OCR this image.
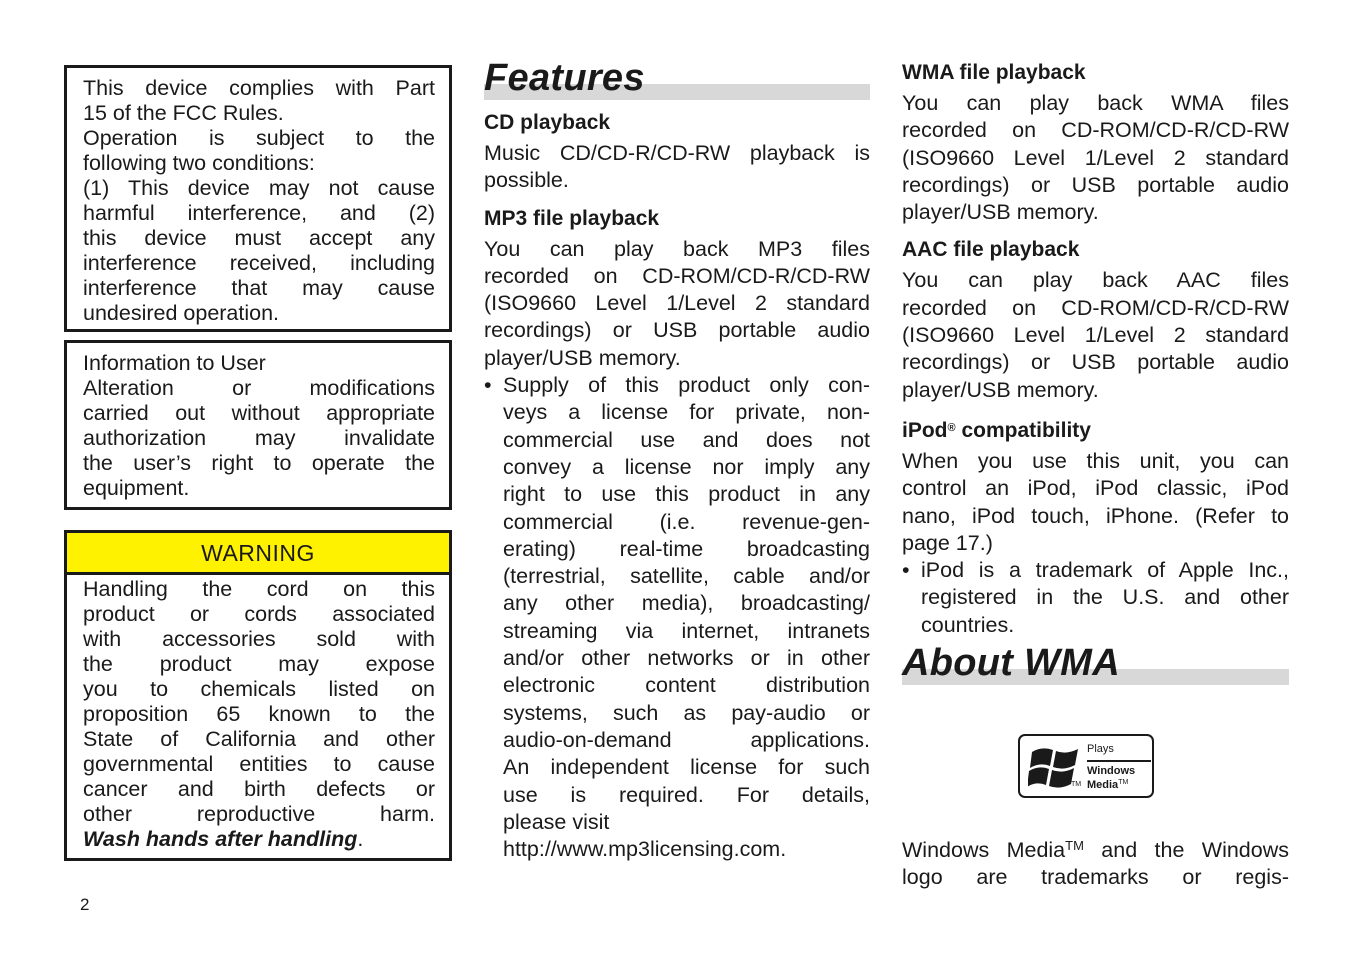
This device complies with Part
15 of the FCC Rules.
Operation is subject to the
following two conditions:
(1) This device may not cause
harmful interference, and (2)
this device must accept any
interference received, including
interference that may cause
undesired operation.
Information to User
Alteration or modifications
carried out without appropriate
authorization may invalidate
the user’s right to operate the
equipment.
WARNING
Handling the cord on this
product or cords associated
with accessories sold with
the product may expose
you to chemicals listed on
proposition 65 known to the
State of California and other
governmental entities to cause
cancer and birth defects or
other reproductive harm.
Wash hands after handling.
2
Features
CD playback
Music CD/CD-R/CD-RW playback is
possible.
MP3 file playback
You can play back MP3 files
recorded on CD-ROM/CD-R/CD-RW
(ISO9660 Level 1/Level 2 standard
recordings) or USB portable audio
player/USB memory.
• Supply of this product only con-
veys a license for private, non-
commercial use and does not
convey a license nor imply any
right to use this product in any
commercial (i.e. revenue-gen-
erating) real-time broadcasting
(terrestrial, satellite, cable and/or
any other media), broadcasting/
streaming via internet, intranets
and/or other networks or in other
electronic content distribution
systems, such as pay-audio or
audio-on-demand applications.
An independent license for such
use is required. For details,
please visit
http://www.mp3licensing.com.
WMA file playback
You can play back WMA files
recorded on CD-ROM/CD-R/CD-RW
(ISO9660 Level 1/Level 2 standard
recordings) or USB portable audio
player/USB memory.
AAC file playback
You can play back AAC files
recorded on CD-ROM/CD-R/CD-RW
(ISO9660 Level 1/Level 2 standard
recordings) or USB portable audio
player/USB memory.
iPod® compatibility
When you use this unit, you can
control an iPod, iPod classic, iPod
nano, iPod touch, iPhone. (Refer to
page 17.)
• iPod is a trademark of Apple Inc.,
registered in the U.S. and other
countries.
About WMA
TM
Plays
Windows
Media™
Windows Media™ and the Windows
logo are trademarks or regis-
